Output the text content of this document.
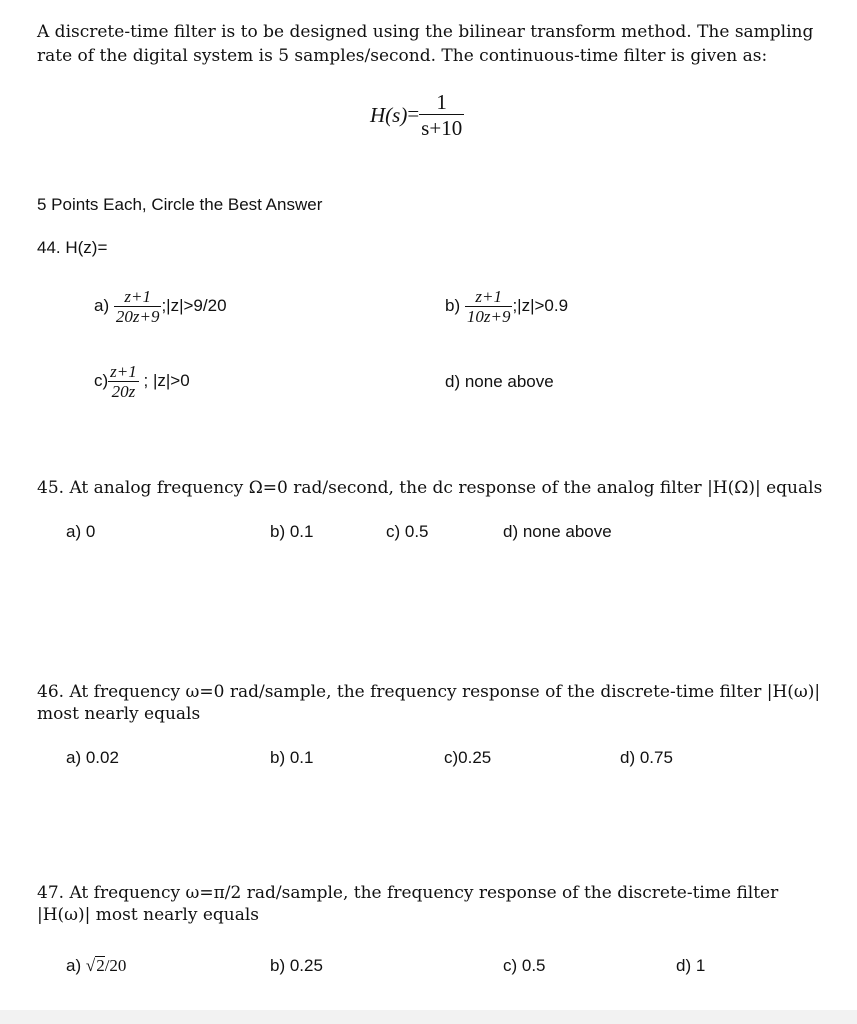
A discrete-time filter is to be designed using the bilinear transform method. The sampling rate of the digital system is 5 samples/second. The continuous-time filter is given as:
$H(s)= \frac{1}{s+10}$
5 Points Each, Circle the Best Answer
44. H(z)=
$a) \frac{z+1}{20z+9}$ ;|z|>9/20	$b) \frac{z+1}{10z+9}$ ;|z|>0.9
$c) \frac{z+1}{20z}$ ; |z|>0	d) none above
45. At analog frequency Ω=0 rad/second, the dc response of the analog filter |H(Ω)| equals
a) 0	b) 0.1	c) 0.5	d) none above
46. At frequency ω=0 rad/sample, the frequency response of the discrete-time filter |H(ω)| most nearly equals
a) 0.02	b) 0.1	c)0.25	d) 0.75
47. At frequency ω=π/2 rad/sample, the frequency response of the discrete-time filter |H(ω)| most nearly equals
a) √2/20	b) 0.25	c) 0.5	d) 1
